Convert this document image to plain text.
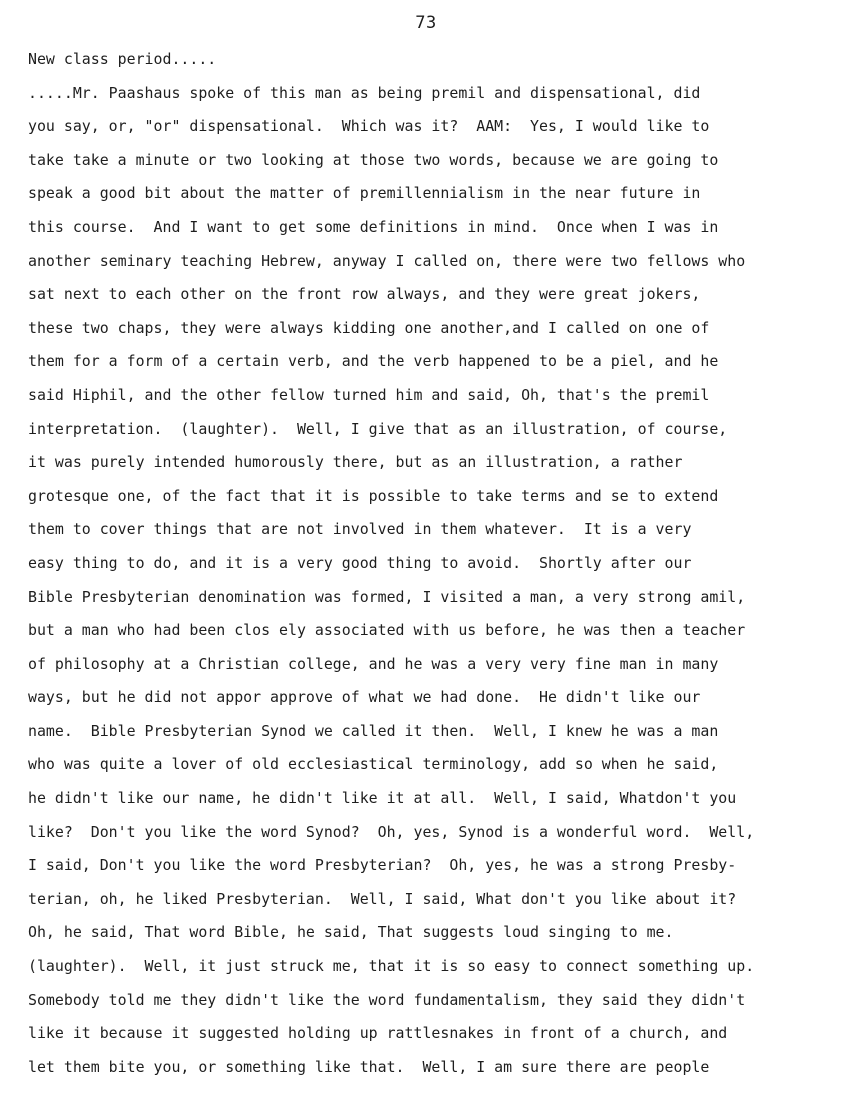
73
New class period.....
.....Mr. Paashaus spoke of this man as being premil and dispensational, did
you say, or, "or" dispensational.  Which was it?  AAM:  Yes, I would like to
take take a minute or two looking at those two words, because we are going to
speak a good bit about the matter of premillennialism in the near future in
this course.  And I want to get some definitions in mind.  Once when I was in
another seminary teaching Hebrew, anyway I called on, there were two fellows who
sat next to each other on the front row always, and they were great jokers,
these two chaps, they were always kidding one another,and I called on one of
them for a form of a certain verb, and the verb happened to be a piel, and he
said Hiphil, and the other fellow turned him and said, Oh, that's the premil
interpretation.  (laughter).  Well, I give that as an illustration, of course,
it was purely intended humorously there, but as an illustration, a rather
grotesque one, of the fact that it is possible to take terms and se to extend
them to cover things that are not involved in them whatever.  It is a very
easy thing to do, and it is a very good thing to avoid.  Shortly after our
Bible Presbyterian denomination was formed, I visited a man, a very strong amil,
but a man who had been clos ely associated with us before, he was then a teacher
of philosophy at a Christian college, and he was a very very fine man in many
ways, but he did not appor approve of what we had done.  He didn't like our
name.  Bible Presbyterian Synod we called it then.  Well, I knew he was a man
who was quite a lover of old ecclesiastical terminology, add so when he said,
he didn't like our name, he didn't like it at all.  Well, I said, Whatdon't you
like?  Don't you like the word Synod?  Oh, yes, Synod is a wonderful word.  Well,
I said, Don't you like the word Presbyterian?  Oh, yes, he was a strong Presby-
terian, oh, he liked Presbyterian.  Well, I said, What don't you like about it?
Oh, he said, That word Bible, he said, That suggests loud singing to me.
(laughter).  Well, it just struck me, that it is so easy to connect something up.
Somebody told me they didn't like the word fundamentalism, they said they didn't
like it because it suggested holding up rattlesnakes in front of a church, and
let them bite you, or something like that.  Well, I am sure there are people
